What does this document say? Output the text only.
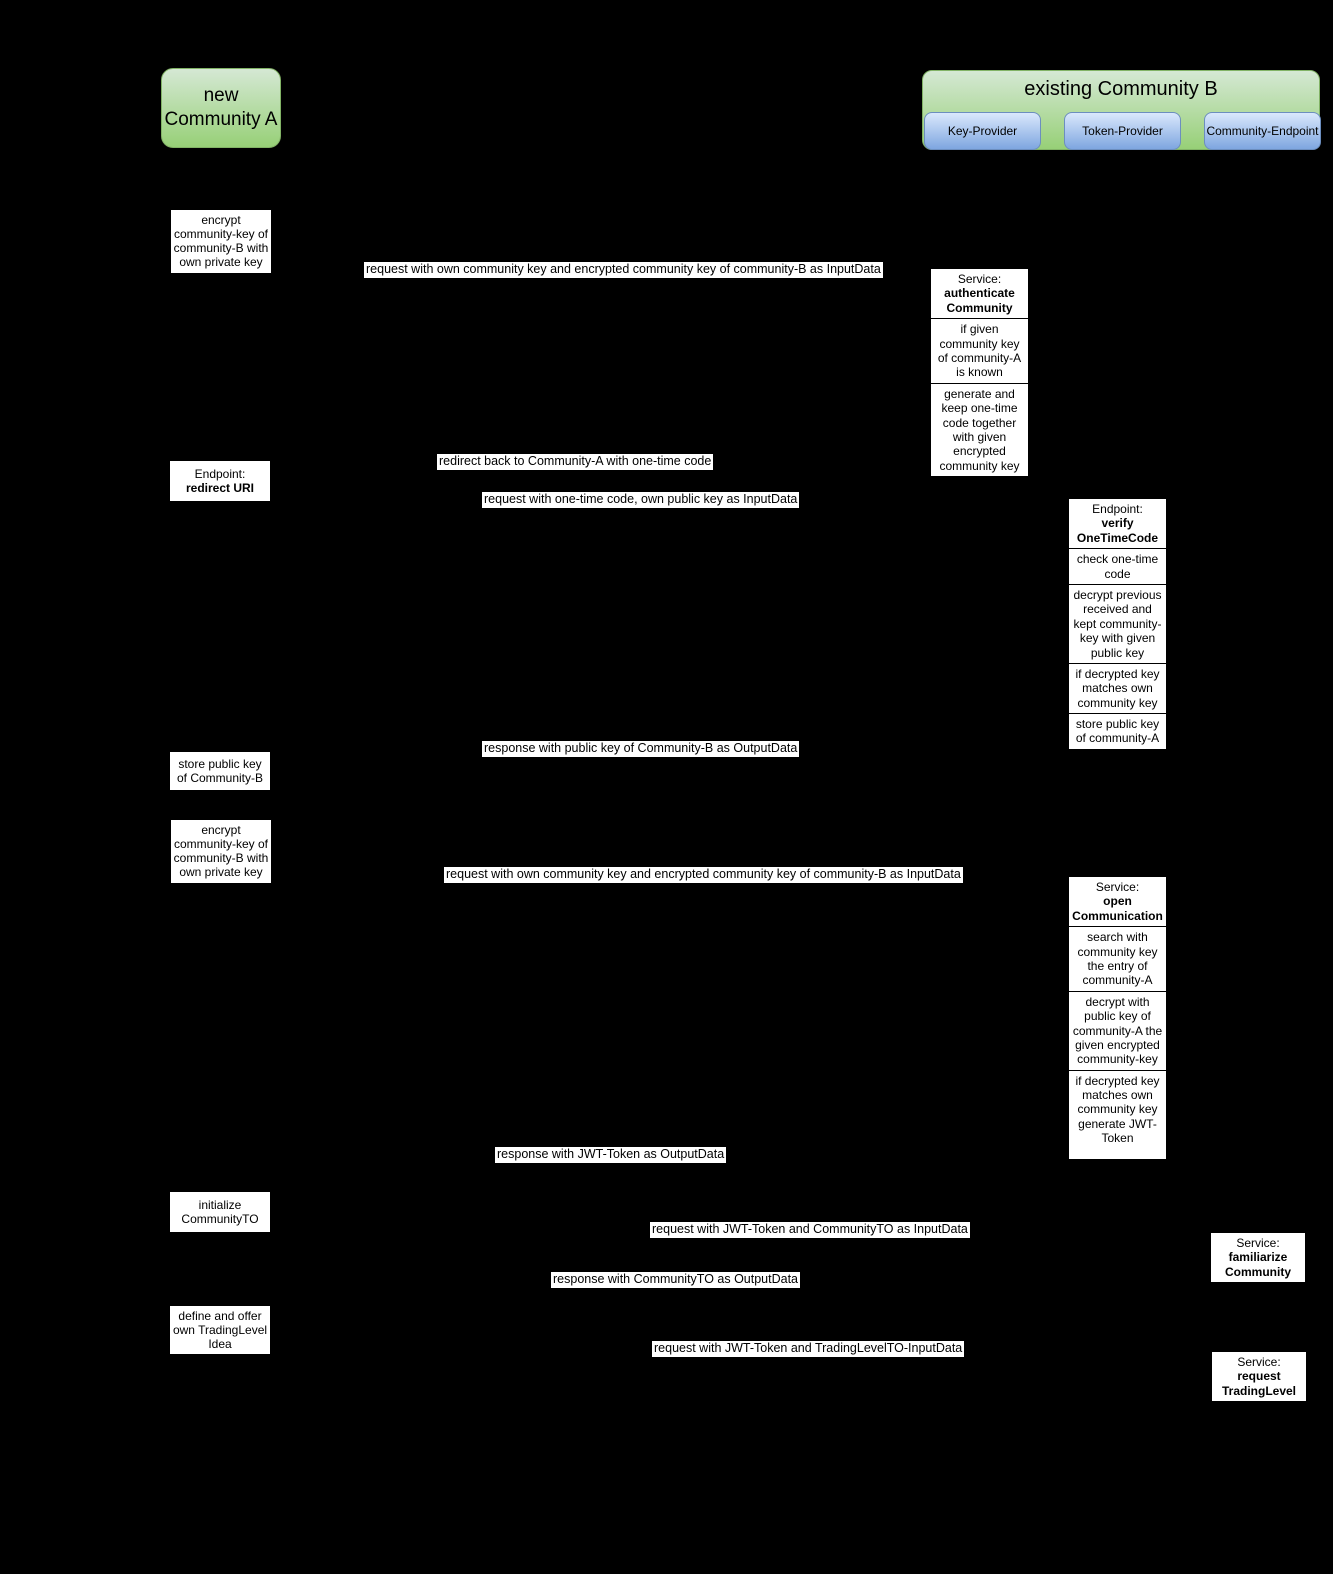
new Community A
existing Community B
Key-Provider	Token-Provider	Community-Endpoint
encrypt community-key of community-B with own private key
Endpoint:
redirect URI
store public key of Community-B
encrypt community-key of community-B with own private key
initialize CommunityTO
define and offer own TradingLevel Idea
request with own community key and encrypted community key of community-B as InputData
redirect back to Community-A with one-time code
request with one-time code, own public key as InputData
response with public key of Community-B as OutputData
request with own community key and encrypted community key of community-B as InputData
response with JWT-Token as OutputData
request with JWT-Token and CommunityTO as InputData
response with CommunityTO as OutputData
request with JWT-Token and TradingLevelTO-InputData
Service:
authenticate Community
if given community key of community-A is known
generate and keep one-time code together with given encrypted community key
Endpoint:
verify OneTimeCode
check one-time code
decrypt previous received and kept community-key with given public key
if decrypted key matches own community key
store public key of community-A
Service:
open Communication
search with community key the entry of community-A
decrypt with public key of community-A the given encrypted community-key
if decrypted key matches own community key generate JWT-Token
Service:
familiarize Community
Service:
request TradingLevel
